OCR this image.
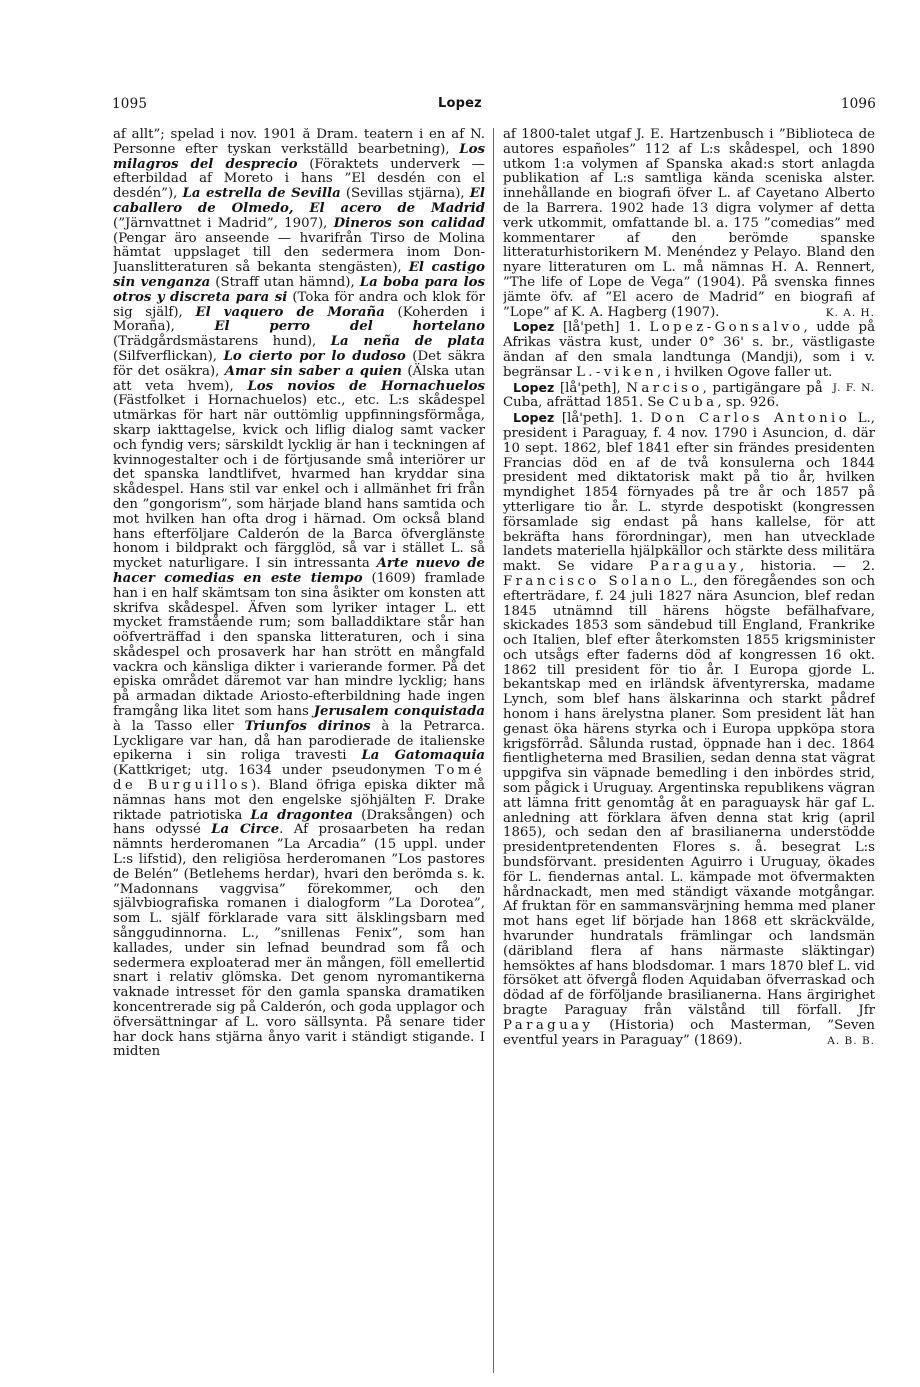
1095	Lopez	1096

af allt”; spelad i nov. 1901 å Dram. teatern i en af N. Personne efter tyskan verkställd bearbetning), Los milagros del desprecio (Föraktets underverk — efterbildad af Moreto i hans ”El desdén con el desdén”), La estrella de Sevilla (Sevillas stjärna), El caballero de Olmedo, El acero de Madrid (”Järnvattnet i Madrid”, 1907), Dineros son calidad (Pengar äro anseende — hvarifrån Tirso de Molina hämtat uppslaget till den sedermera inom Don-Juanslitteraturen så bekanta stengästen), El castigo sin venganza (Straff utan hämnd), La boba para los otros y discreta para si (Toka för andra och klok för sig själf), El vaquero de Moraña (Koherden i Moraña), El perro del hortelano (Trädgårdsmästarens hund), La neña de plata (Silfverflickan), Lo cierto por lo dudoso (Det säkra för det osäkra), Amar sin saber a quien (Älska utan att veta hvem), Los novios de Hornachuelos (Fästfolket i Hornachuelos) etc., etc. L:s skådespel utmärkas för hart när outtömlig uppfinningsförmåga, skarp iakttagelse, kvick och liflig dialog samt vacker och fyndig vers; särskildt lycklig är han i teckningen af kvinnogestalter och i de förtjusande små interiörer ur det spanska landtlifvet, hvarmed han kryddar sina skådespel. Hans stil var enkel och i allmänhet fri från den ”gongorism”, som härjade bland hans samtida och mot hvilken han ofta drog i härnad. Om också bland hans efterföljare Calderón de la Barca öfverglänste honom i bildprakt och färgglöd, så var i stället L. så mycket naturligare. I sin intressanta Arte nuevo de hacer comedias en este tiempo (1609) framlade han i en half skämtsam ton sina åsikter om konsten att skrifva skådespel. Äfven som lyriker intager L. ett mycket framstående rum; som balladdiktare står han oöfverträffad i den spanska litteraturen, och i sina skådespel och prosaverk har han strött en mångfald vackra och känsliga dikter i varierande former. På det episka området däremot var han mindre lycklig; hans på armadan diktade Ariosto-efterbildning hade ingen framgång lika litet som hans Jerusalem conquistada à la Tasso eller Triunfos dirinos à la Petrarca. Lyckligare var han, då han parodierade de italienske epikerna i sin roliga travesti La Gatomaquia (Kattkriget; utg. 1634 under pseudonymen Tomé de Burguillos). Bland öfriga episka dikter må nämnas hans mot den engelske sjöhjälten F. Drake riktade patriotiska La dragontea (Draksången) och hans odyssé La Circe. Af prosaarbeten ha redan nämnts herderomanen ”La Arcadia” (15 uppl. under L:s lifstid), den religiösa herderomanen ”Los pastores de Belén” (Betlehems herdar), hvari den berömda s. k. ”Madonnans vaggvisa” förekommer, och den självbiografiska romanen i dialogform ”La Dorotea”, som L. själf förklarade vara sitt älsklingsbarn med sånggudinnorna. L., ”snillenas Fenix”, som han kallades, under sin lefnad beundrad som få och sedermera exploaterad mer än mången, föll emellertid snart i relativ glömska. Det genom nyromantikerna vaknade intresset för den gamla spanska dramatiken koncentrerade sig på Calderón, och goda upplagor och öfversättningar af L. voro sällsynta. På senare tider har dock hans stjärna ånyo varit i ständigt stigande. I midten

af 1800-talet utgaf J. E. Hartzenbusch i ”Biblioteca de autores españoles” 112 af L:s skådespel, och 1890 utkom 1:a volymen af Spanska akad:s stort anlagda publikation af L:s samtliga kända sceniska alster. innehållande en biografi öfver L. af Cayetano Alberto de la Barrera. 1902 hade 13 digra volymer af detta verk utkommit, omfattande bl. a. 175 ”comedias” med kommentarer af den berömde spanske litteraturhistorikern M. Menéndez y Pelayo. Bland den nyare litteraturen om L. må nämnas H. A. Rennert, ”The life of Lope de Vega” (1904). På svenska finnes jämte öfv. af ”El acero de Madrid” en biografi af ”Lope” af K. A. Hagberg (1907).	K. A. H.

Lopez [lå'peth] 1. Lopez-Gonsalvo, udde på Afrikas västra kust, under 0° 36' s. br., västligaste ändan af den smala landtunga (Mandji), som i v. begränsar L.-viken, i hvilken Ogove faller ut.
J. F. N.

Lopez [lå'peth], Narciso, partigängare på Cuba, afrättad 1851. Se Cuba, sp. 926.

Lopez [lå'peth]. 1. Don Carlos Antonio L., president i Paraguay, f. 4 nov. 1790 i Asuncion, d. där 10 sept. 1862, blef 1841 efter sin frändes presidenten Francias död en af de två konsulerna och 1844 president med diktatorisk makt på tio år, hvilken myndighet 1854 förnyades på tre år och 1857 på ytterligare tio år. L. styrde despotiskt (kongressen församlade sig endast på hans kallelse, för att bekräfta hans förordningar), men han utvecklade landets materiella hjälpkällor och stärkte dess militära makt. Se vidare Paraguay, historia. — 2. Francisco Solano L., den föregåendes son och efterträdare, f. 24 juli 1827 nära Asuncion, blef redan 1845 utnämnd till härens högste befälhafvare, skickades 1853 som sändebud till England, Frankrike och Italien, blef efter återkomsten 1855 krigsminister och utsågs efter faderns död af kongressen 16 okt. 1862 till president för tio år. I Europa gjorde L. bekantskap med en irländsk äfventyrerska, madame Lynch, som blef hans älskarinna och starkt pådref honom i hans ärelystna planer. Som president lät han genast öka härens styrka och i Europa uppköpa stora krigsförråd. Sålunda rustad, öppnade han i dec. 1864 fientligheterna med Brasilien, sedan denna stat vägrat uppgifva sin väpnade bemedling i den inbördes strid, som pågick i Uruguay. Argentinska republikens vägran att lämna fritt genomtåg åt en paraguaysk här gaf L. anledning att förklara äfven denna stat krig (april 1865), och sedan den af brasilianerna understödde presidentpretendenten Flores s. å. besegrat L:s bundsförvant. presidenten Aguirro i Uruguay, ökades för L. fiendernas antal. L. kämpade mot öfvermakten hårdnackadt, men med ständigt växande motgångar. Af fruktan för en sammansvärjning hemma med planer mot hans eget lif började han 1868 ett skräckvälde, hvarunder hundratals främlingar och landsmän (däribland flera af hans närmaste släktingar) hemsöktes af hans blodsdomar. 1 mars 1870 blef L. vid försöket att öfvergå floden Aquidaban öfverraskad och dödad af de förföljande brasilianerna. Hans ärgirighet bragte Paraguay från välstånd till förfall. Jfr Paraguay (Historia) och Masterman, ”Seven eventful years in Paraguay” (1869).	A. B. B.
